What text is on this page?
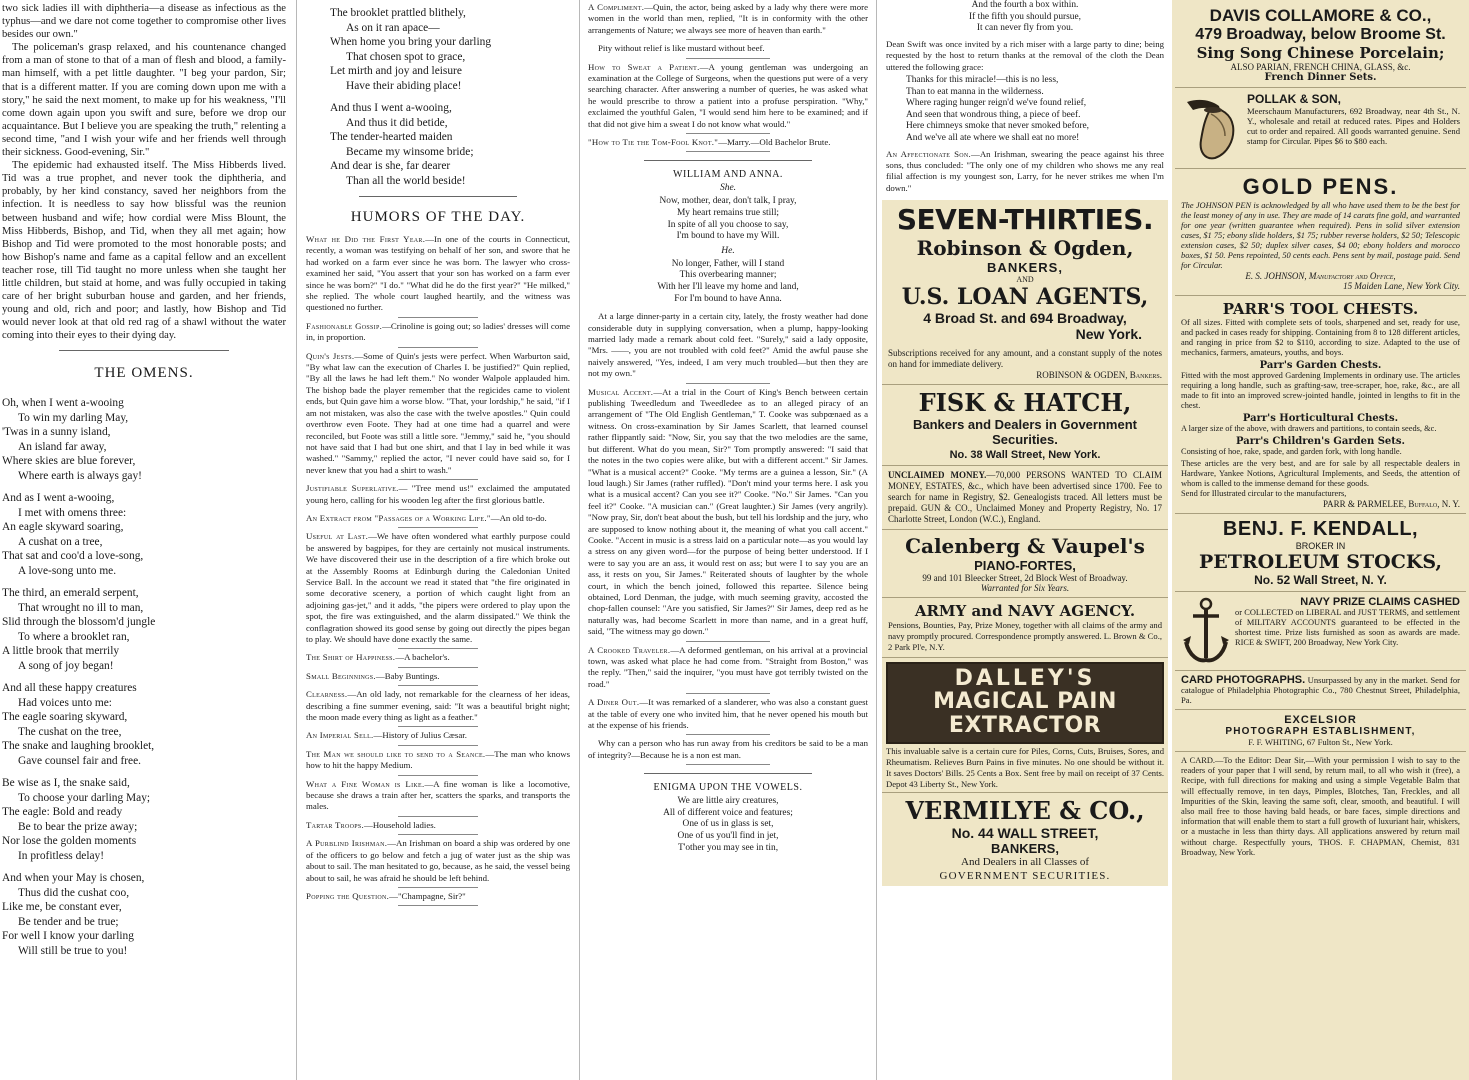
two sick ladies ill with diphtheria—a disease as infectious as the typhus—and we dare not come together to compromise other lives besides our own."

The policeman's grasp relaxed, and his countenance changed from a man of stone to that of a man of flesh and blood, a family-man himself, with a pet little daughter. "I beg your pardon, Sir; that is a different matter. If you are coming down upon me with a story," he said the next moment, to make up for his weakness, "I'll come down again upon you swift and sure, before we drop our acquaintance. But I believe you are speaking the truth," relenting a second time, "and I wish your wife and her friends well through their sickness. Good-evening, Sir."

The epidemic had exhausted itself. The Miss Hibberds lived. Tid was a true prophet, and never took the diphtheria, and probably, by her kind constancy, saved her neighbors from the infection. It is needless to say how blissful was the reunion between husband and wife; how cordial were Miss Blount, the Miss Hibberds, Bishop, and Tid, when they all met again; how Bishop and Tid were promoted to the most honorable posts; and how Bishop's name and fame as a capital fellow and an excellent teacher rose, till Tid taught no more unless when she taught her little children, but staid at home, and was fully occupied in taking care of her bright suburban house and garden, and her friends, young and old, rich and poor; and lastly, how Bishop and Tid would never look at that old red rag of a shawl without the water coming into their eyes to their dying day.

THE OMENS.
Oh, when I went a-wooing
To win my darling May,
'Twas in a sunny island,
An island far away,
Where skies are blue forever,
Where earth is always gay!
And as I went a-wooing,
I met with omens three:
An eagle skyward soaring,
A cushat on a tree,
That sat and coo'd a love-song,
A love-song unto me.
The third, an emerald serpent,
That wrought no ill to man,
Slid through the blossom'd jungle
To where a brooklet ran,
A little brook that merrily
A song of joy began!
And all these happy creatures
Had voices unto me:
The eagle soaring skyward,
The cushat on the tree,
The snake and laughing brooklet,
Gave counsel fair and free.
Be wise as I, the snake said,
To choose your darling May;
The eagle: Bold and ready
Be to bear the prize away;
Nor lose the golden moments
In profitless delay!
And when your May is chosen,
Thus did the cushat coo,
Like me, be constant ever,
Be tender and be true;
For well I know your darling
Will still be true to you!
The brooklet prattled blithely,
As on it ran apace—
When home you bring your darling
That chosen spot to grace,
Let mirth and joy and leisure
Have their abiding place!
And thus I went a-wooing,
And thus it did betide,
The tender-hearted maiden
Became my winsome bride;
And dear is she, far dearer
Than all the world beside!
HUMORS OF THE DAY.

What he Did the First Year.—In one of the courts in Connecticut, recently, a woman was testifying on behalf of her son, and swore that he had worked on a farm ever since he was born. The lawyer who cross-examined her said, "You assert that your son has worked on a farm ever since he was born?" "I do." "What did he do the first year?" "He milked," she replied. The whole court laughed heartily, and the witness was questioned no further.

Fashionable Gossip.—Crinoline is going out; so ladies' dresses will come in, in proportion.

Quin's Jests.—Some of Quin's jests were perfect. When Warburton said, "By what law can the execution of Charles I. be justified?" Quin replied, "By all the laws he had left them." No wonder Walpole applauded him. The bishop bade the player remember that the regicides came to violent ends, but Quin gave him a worse blow. "That, your lordship," he said, "if I am not mistaken, was also the case with the twelve apostles." Quin could overthrow even Foote. They had at one time had a quarrel and were reconciled, but Foote was still a little sore. "Jemmy," said he, "you should not have said that I had but one shirt, and that I lay in bed while it was washed." "Sammy," replied the actor, "I never could have said so, for I never knew that you had a shirt to wash."

Justifiable Superlative.— "Tree mend us!" exclaimed the amputated young hero, calling for his wooden leg after the first glorious battle.

An Extract from "Passages of a Working Life."—An old to-do.

Useful at Last.—We have often wondered what earthly purpose could be answered by bagpipes, for they are certainly not musical instruments. We have discovered their use in the description of a fire which broke out at the Assembly Rooms at Edinburgh during the Caledonian United Service Ball. In the account we read it stated that "the fire originated in some decorative scenery, a portion of which caught light from an adjoining gas-jet," and it adds, "the pipers were ordered to play upon the spot, the fire was extinguished, and the alarm dissipated." We think the conflagration showed its good sense by going out directly the pipes began to play. We should have done exactly the same.

The Shirt of Happiness.—A bachelor's.

Small Beginnings.—Baby Buntings.

Clearness.—An old lady, not remarkable for the clearness of her ideas, describing a fine summer evening, said: "It was a beautiful bright night; the moon made every thing as light as a feather."

An Imperial Sell.—History of Julius Cæsar.

The Man we should like to send to a Seance.—The man who knows how to hit the happy Medium.

What a Fine Woman is Like.—A fine woman is like a locomotive, because she draws a train after her, scatters the sparks, and transports the males.

Tartar Troops.—Household ladies.

A Purblind Irishman.—An Irishman on board a ship was ordered by one of the officers to go below and fetch a jug of water just as the ship was about to sail. The man hesitated to go, because, as he said, the vessel being about to sail, he was afraid he should be left behind.

Popping the Question.—"Champagne, Sir?"

A Compliment.—Quin, the actor, being asked by a lady why there were more women in the world than men, replied, "It is in conformity with the other arrangements of Nature; we always see more of heaven than earth."

Pity without relief is like mustard without beef.

How to Sweat a Patient.—A young gentleman was undergoing an examination at the College of Surgeons, when the questions put were of a very searching character. After answering a number of queries, he was asked what he would prescribe to throw a patient into a profuse perspiration. "Why," exclaimed the youthful Galen, "I would send him here to be examined; and if that did not give him a sweat I do not know what would."

"How to Tie the Tom-Fool Knot."—Marry.—Old Bachelor Brute.

WILLIAM AND ANNA.
She.
Now, mother, dear, don't talk, I pray,
My heart remains true still;
In spite of all you choose to say,
I'm bound to have my Will.
He.
No longer, Father, will I stand
This overbearing manner;
With her I'll leave my home and land,
For I'm bound to have Anna.

At a large dinner-party in a certain city, lately, the frosty weather had done considerable duty in supplying conversation, when a plump, happy-looking married lady made a remark about cold feet. "Surely," said a lady opposite, "Mrs. ——, you are not troubled with cold feet?" Amid the awful pause she naively answered, "Yes, indeed, I am very much troubled—but then they are not my own."

Musical Accent.—At a trial in the Court of King's Bench between certain publishing Tweedledum and Tweedledee as to an alleged piracy of an arrangement of "The Old English Gentleman," T. Cooke was subpœnaed as a witness. On cross-examination by Sir James Scarlett, that learned counsel rather flippantly said: "Now, Sir, you say that the two melodies are the same, but different. What do you mean, Sir?" Tom promptly answered: "I said that the notes in the two copies were alike, but with a different accent." Sir James. "What is a musical accent?" Cooke. "My terms are a guinea a lesson, Sir." (A loud laugh.) Sir James (rather ruffled). "Don't mind your terms here. I ask you what is a musical accent? Can you see it?" Cooke. "No." Sir James. "Can you feel it?" Cooke. "A musician can." (Great laughter.) Sir James (very angrily). "Now pray, Sir, don't beat about the bush, but tell his lordship and the jury, who are supposed to know nothing about it, the meaning of what you call accent." Cooke. "Accent in music is a stress laid on a particular note—as you would lay a stress on any given word—for the purpose of being better understood. If I were to say you are an ass, it would rest on ass; but were I to say you are an ass, it rests on you, Sir James." Reiterated shouts of laughter by the whole court, in which the bench joined, followed this repartee. Silence being obtained, Lord Denman, the judge, with much seeming gravity, accosted the chop-fallen counsel: "Are you satisfied, Sir James?" Sir James, deep red as he naturally was, had become Scarlett in more than name, and in a great huff, said, "The witness may go down."

A Crooked Traveler.—A deformed gentleman, on his arrival at a provincial town, was asked what place he had come from. "Straight from Boston," was the reply. "Then," said the inquirer, "you must have got terribly twisted on the road."

A Diner Out.—It was remarked of a slanderer, who was also a constant guest at the table of every one who invited him, that he never opened his mouth but at the expense of his friends.

Why can a person who has run away from his creditors be said to be a man of integrity?—Because he is a non est man.

ENIGMA UPON THE VOWELS.
We are little airy creatures,
All of different voice and features;
One of us in glass is set,
One of us you'll find in jet,
T'other you may see in tin,
And the fourth a box within.
If the fifth you should pursue,
It can never fly from you.

Dean Swift was once invited by a rich miser with a large party to dine; being requested by the host to return thanks at the removal of the cloth the Dean uttered the following grace:

Thanks for this miracle!—this is no less,
Than to eat manna in the wilderness.
Where raging hunger reign'd we've found relief,
And seen that wondrous thing, a piece of beef.
Here chimneys smoke that never smoked before,
And we've all ate where we shall eat no more!

An Affectionate Son.—An Irishman, swearing the peace against his three sons, thus concluded: "The only one of my children who shows me any real filial affection is my youngest son, Larry, for he never strikes me when I'm down."

SEVEN-THIRTIES.
Robinson & Ogden,
BANKERS,
AND
U.S. LOAN AGENTS,
4 Broad St. and 694 Broadway,
New York.

Subscriptions received for any amount, and a constant supply of the notes on hand for immediate delivery.

ROBINSON & OGDEN, Bankers.
FISK & HATCH,
Bankers and Dealers in Government
Securities.
No. 38 Wall Street, New York.

UNCLAIMED MONEY.—70,000 PERSONS WANTED TO CLAIM MONEY, ESTATES, &c., which have been advertised since 1700. Fee to search for name in Registry, $2. Genealogists traced. All letters must be prepaid. GUN & CO., Unclaimed Money and Property Registry, No. 17 Charlotte Street, London (W.C.), England.

Calenberg & Vaupel's
PIANO-FORTES,
99 and 101 Bleecker Street, 2d Block West of Broadway.
Warranted for Six Years.
ARMY and NAVY AGENCY.

Pensions, Bounties, Pay, Prize Money, together with all claims of the army and navy promptly procured. Correspondence promptly answered. L. Brown & Co., 2 Park Pl'e, N.Y.

DALLEY'S
MAGICAL PAIN EXTRACTOR

This invaluable salve is a certain cure for Piles, Corns, Cuts, Bruises, Sores, and Rheumatism. Relieves Burn Pains in five minutes. No one should be without it. It saves Doctors' Bills. 25 Cents a Box. Sent free by mail on receipt of 37 Cents. Depot 43 Liberty St., New York.

VERMILYE & CO.,
No. 44 WALL STREET,
BANKERS,
And Dealers in all Classes of
GOVERNMENT SECURITIES.
DAVIS COLLAMORE & CO.,
479 Broadway, below Broome St.
Sing Song Chinese Porcelain;
ALSO PARIAN, FRENCH CHINA, GLASS, &c.
French Dinner Sets.
POLLAK & SON,

Meerschaum Manufacturers, 692 Broadway, near 4th St., N. Y., wholesale and retail at reduced rates. Pipes and Holders cut to order and repaired. All goods warranted genuine. Send stamp for Circular. Pipes $6 to $80 each.

GOLD PENS.

The JOHNSON PEN is acknowledged by all who have used them to be the best for the least money of any in use. They are made of 14 carats fine gold, and warranted for one year (written guarantee when required). Pens in solid silver extension cases, $1 75; ebony slide holders, $1 75; rubber reverse holders, $2 50; Telescopic extension cases, $2 50; duplex silver cases, $4 00; ebony holders and morocco boxes, $1 50. Pens repointed, 50 cents each. Pens sent by mail, postage paid. Send for Circular.

E. S. JOHNSON, Manufactory and Office,
15 Maiden Lane, New York City.
PARR'S TOOL CHESTS.

Of all sizes. Fitted with complete sets of tools, sharpened and set, ready for use, and packed in cases ready for shipping. Containing from 8 to 128 different articles, and ranging in price from $2 to $110, according to size. Adapted to the use of mechanics, farmers, amateurs, youths, and boys.

Parr's Garden Chests.

Fitted with the most approved Gardening Implements in ordinary use. The articles requiring a long handle, such as grafting-saw, tree-scraper, hoe, rake, &c., are all made to fit into an improved screw-jointed handle, jointed in lengths to fit in the chest.

Parr's Horticultural Chests.

A larger size of the above, with drawers and partitions, to contain seeds, &c.

Parr's Children's Garden Sets.

Consisting of hoe, rake, spade, and garden fork, with long handle.

These articles are the very best, and are for sale by all respectable dealers in Hardware, Yankee Notions, Agricultural Implements, and Seeds, the attention of whom is called to the immense demand for these goods.

Send for Illustrated circular to the manufacturers,

PARR & PARMELEE, Buffalo, N. Y.
BENJ. F. KENDALL,
BROKER IN
PETROLEUM STOCKS,
No. 52 Wall Street, N. Y.
NAVY PRIZE CLAIMS CASHED

or COLLECTED on LIBERAL and JUST TERMS, and settlement of MILITARY ACCOUNTS guaranteed to be effected in the shortest time. Prize lists furnished as soon as awards are made. RICE & SWIFT, 200 Broadway, New York City.

CARD PHOTOGRAPHS. Unsurpassed by any in the market. Send for catalogue of Philadelphia Photographic Co., 780 Chestnut Street, Philadelphia, Pa.

EXCELSIOR
PHOTOGRAPH ESTABLISHMENT,
F. F. WHITING, 67 Fulton St., New York.

A CARD.—To the Editor: Dear Sir,—With your permission I wish to say to the readers of your paper that I will send, by return mail, to all who wish it (free), a Recipe, with full directions for making and using a simple Vegetable Balm that will effectually remove, in ten days, Pimples, Blotches, Tan, Freckles, and all Impurities of the Skin, leaving the same soft, clear, smooth, and beautiful. I will also mail free to those having bald heads, or bare faces, simple directions and information that will enable them to start a full growth of luxuriant hair, whiskers, or a mustache in less than thirty days. All applications answered by return mail without charge. Respectfully yours, THOS. F. CHAPMAN, Chemist, 831 Broadway, New York.
